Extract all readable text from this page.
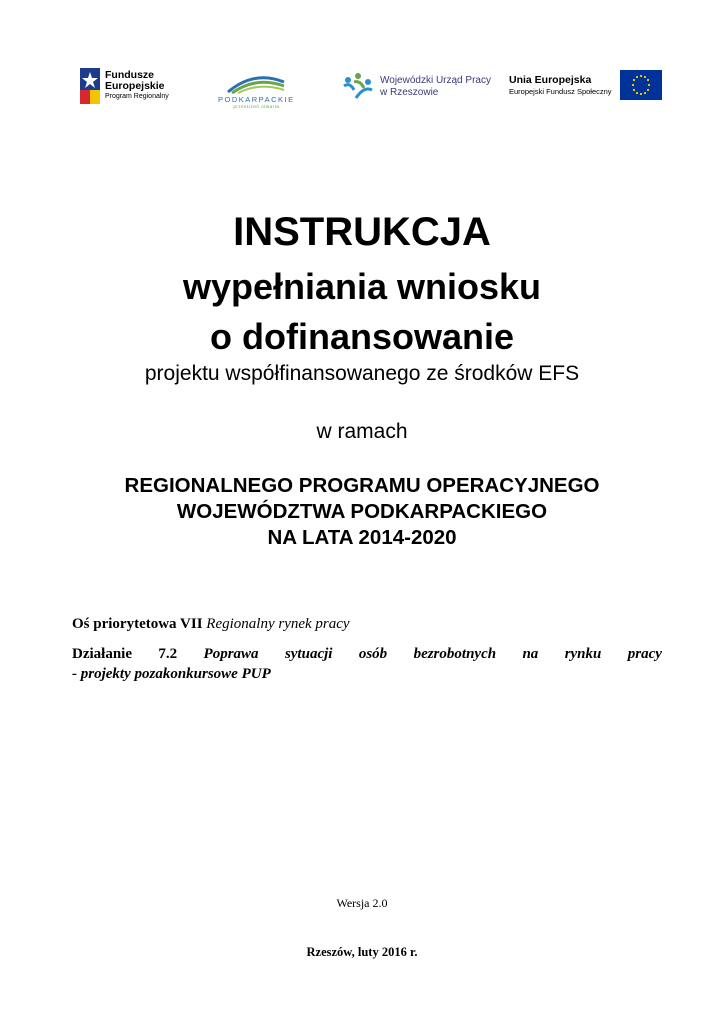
Fundusze
Europejskie
Program Regionalny	PODKARPACKIE
przestrzeń otwarta
Wojewódzki Urząd Pracy
w Rzeszowie
Unia Europejska
Europejski Fundusz Społeczny
INSTRUKCJA
wypełniania wniosku
o dofinansowanie
projektu współfinansowanego ze środków EFS
w ramach
REGIONALNEGO PROGRAMU OPERACYJNEGO
WOJEWÓDZTWA PODKARPACKIEGO
NA LATA 2014-2020
Oś priorytetowa VII Regionalny rynek pracy
Działanie 7.2 Poprawa sytuacji osób bezrobotnych na rynku pracy
- projekty pozakonkursowe PUP
Wersja 2.0
Rzeszów, luty 2016 r.
